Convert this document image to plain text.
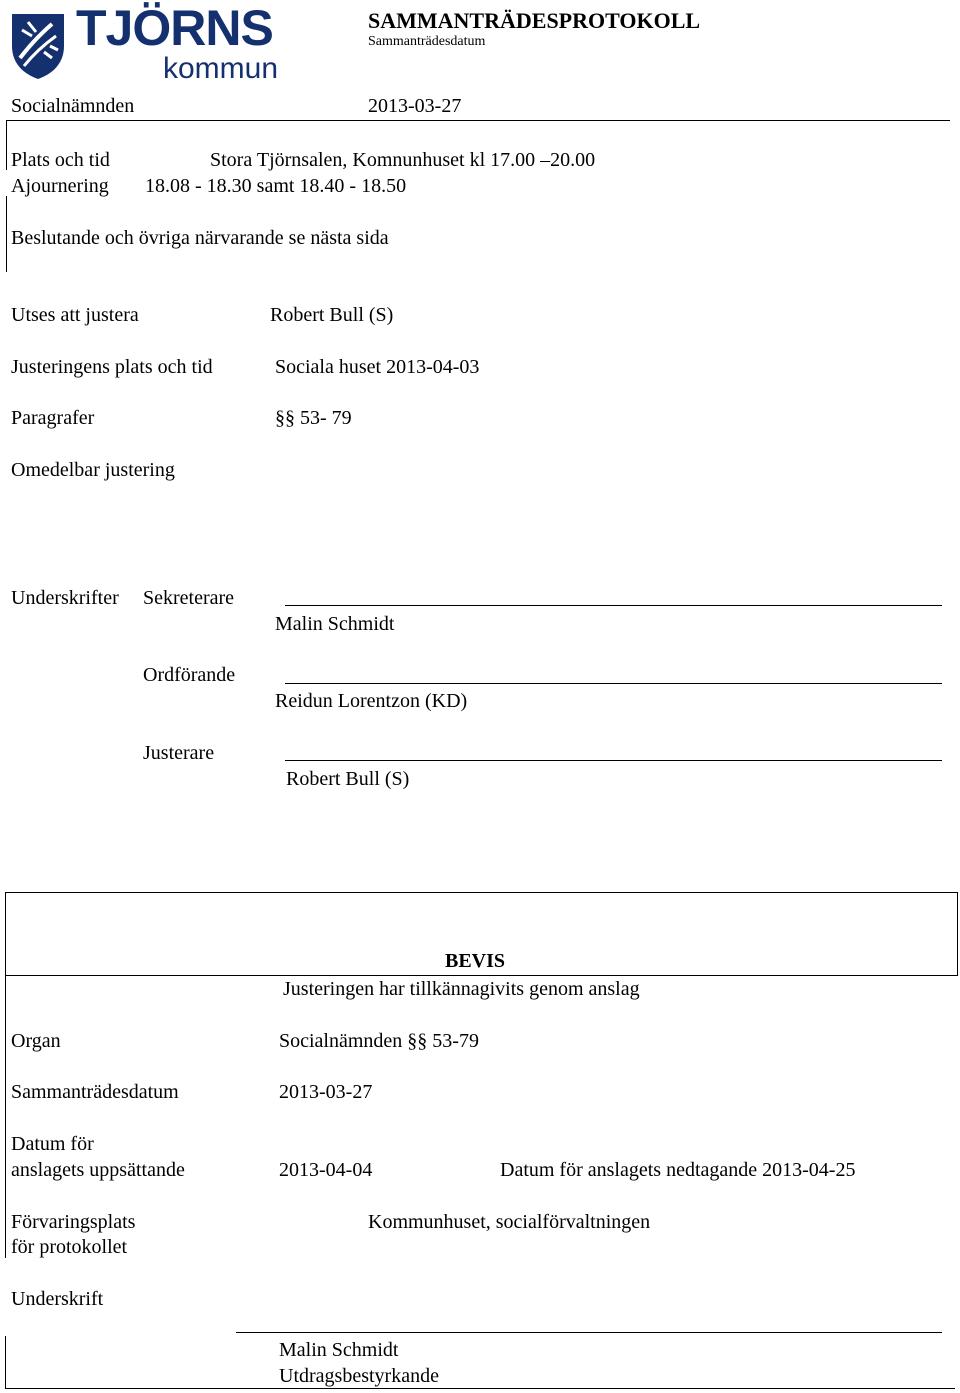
TJÖRNS
kommun
SAMMANTRÄDESPROTOKOLL
Sammanträdesdatum
Socialnämnden	2013-03-27
Plats och tid	Stora Tjörnsalen, Komnunhuset kl 17.00 –20.00
Ajournering 18.08 - 18.30 samt 18.40 - 18.50
Beslutande och övriga närvarande se nästa sida
Utses att justera	Robert Bull (S)
Justeringens plats och tid	Sociala huset 2013-04-03
Paragrafer	§§ 53- 79
Omedelbar justering
Underskrifter Sekreterare
Malin Schmidt
Ordförande
Reidun Lorentzon (KD)
Justerare
Robert Bull (S)
BEVIS
Justeringen har tillkännagivits genom anslag
Organ	Socialnämnden §§ 53-79
Sammanträdesdatum	2013-03-27
Datum för
anslagets uppsättande	2013-04-04	Datum för anslagets nedtagande 2013-04-25
Förvaringsplats
för protokollet
Kommunhuset, socialförvaltningen
Underskrift
Malin Schmidt
Utdragsbestyrkande
